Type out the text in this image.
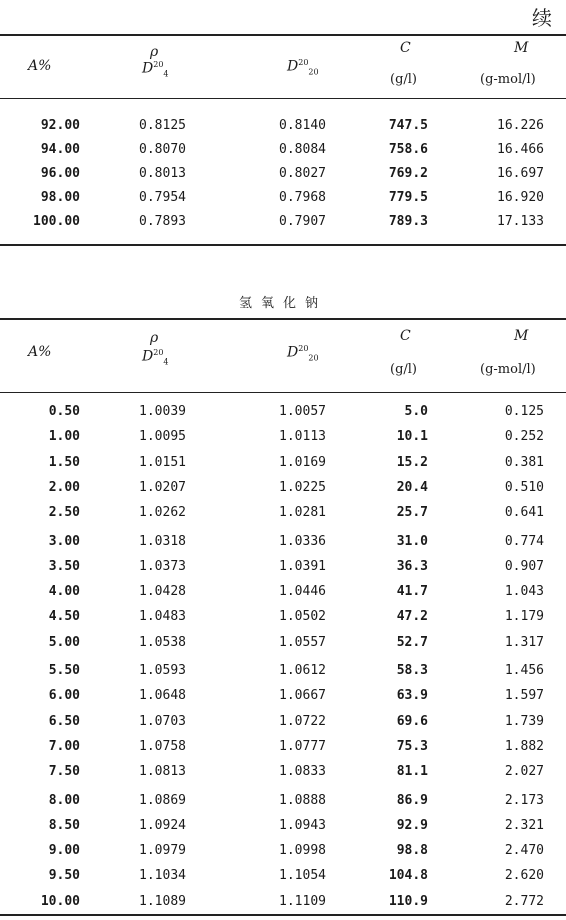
续
A%
ρ
$D^{20}_4$	$D^{20}_{20}$
C
(g/l)
M
(g-mol/l)
92.00	0.8125	0.8140	747.5	16.226
94.00	0.8070	0.8084	758.6	16.466
96.00	0.8013	0.8027	769.2	16.697
98.00	0.7954	0.7968	779.5	16.920
100.00	0.7893	0.7907	789.3	17.133
氢氧化钠
A%
ρ
$D^{20}_4$
$D^{20}_{20}$
C
(g/l)
M
(g-mol/l)
0.50	1.0039	1.0057	5.0	0.125
1.00	1.0095	1.0113	10.1	0.252
1.50	1.0151	1.0169	15.2	0.381
2.00	1.0207	1.0225	20.4	0.510
2.50	1.0262	1.0281	25.7	0.641
3.00	1.0318	1.0336	31.0	0.774
3.50	1.0373	1.0391	36.3	0.907
4.00	1.0428	1.0446	41.7	1.043
4.50	1.0483	1.0502	47.2	1.179
5.00	1.0538	1.0557	52.7	1.317
5.50	1.0593	1.0612	58.3	1.456
6.00	1.0648	1.0667	63.9	1.597
6.50	1.0703	1.0722	69.6	1.739
7.00	1.0758	1.0777	75.3	1.882
7.50	1.0813	1.0833	81.1	2.027
8.00	1.0869	1.0888	86.9	2.173
8.50	1.0924	1.0943	92.9	2.321
9.00	1.0979	1.0998	98.8	2.470
9.50	1.1034	1.1054	104.8	2.620
10.00	1.1089	1.1109	110.9	2.772
